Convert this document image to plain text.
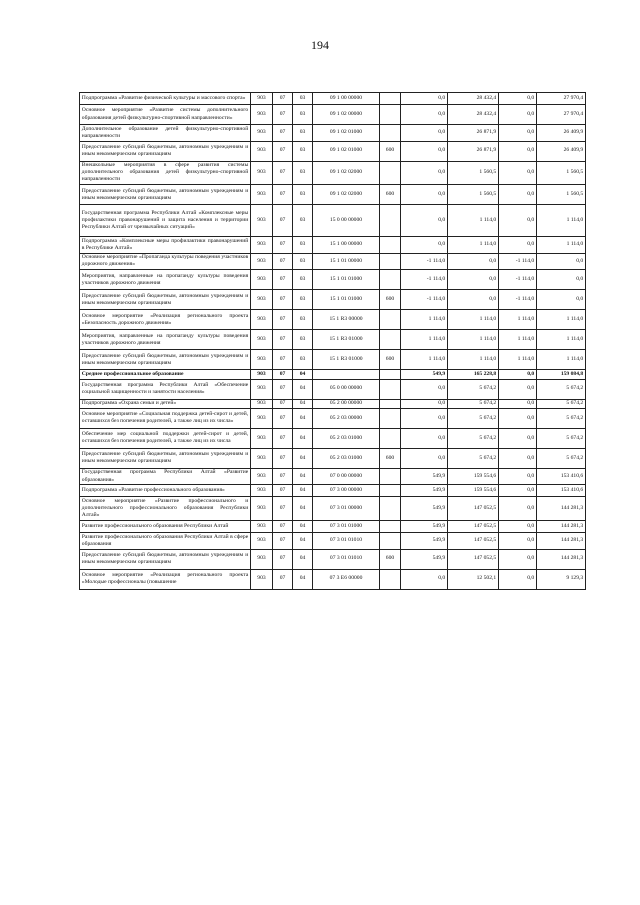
194
Подпрограмма «Развитие физической культуры и массового спорта»	903	07	03	09 1 00 00000		0,0	28 432,4	0,0	27 970,4
Основное мероприятие «Развитие системы дополнительного образования детей физкультурно-спортивной направленности»	903	07	03	09 1 02 00000		0,0	28 432,4	0,0	27 970,4
Дополнительное образование детей физкультурно-спортивной направленности	903	07	03	09 1 02 01000		0,0	26 871,9	0,0	26 409,9
Предоставление субсидий бюджетным, автономным учреждениям и иным некоммерческим организациям	903	07	03	09 1 02 01000	600	0,0	26 871,9	0,0	26 409,9
Внешкольные мероприятия в сфере развития системы дополнительного образования детей физкультурно-спортивной направленности	903	07	03	09 1 02 02000		0,0	1 560,5	0,0	1 560,5
Предоставление субсидий бюджетным, автономным учреждениям и иным некоммерческим организациям	903	07	03	09 1 02 02000	600	0,0	1 560,5	0,0	1 560,5
Государственная программа Республики Алтай «Комплексные меры профилактики правонарушений и защита населения и территории Республики Алтай от чрезвычайных ситуаций»	903	07	03	15 0 00 00000		0,0	1 114,0	0,0	1 114,0
Подпрограмма «Комплексные меры профилактики правонарушений в Республике Алтай»	903	07	03	15 1 00 00000		0,0	1 114,0	0,0	1 114,0
Основное мероприятие «Пропаганда культуры поведения участников дорожного движения»	903	07	03	15 1 01 00000		-1 114,0	0,0	-1 114,0	0,0
Мероприятия, направленные на пропаганду культуры поведения участников дорожного движения	903	07	03	15 1 01 01000		-1 114,0	0,0	-1 114,0	0,0
Предоставление субсидий бюджетным, автономным учреждениям и иным некоммерческим организациям	903	07	03	15 1 01 01000	600	-1 114,0	0,0	-1 114,0	0,0
Основное мероприятие «Реализация регионального проекта «Безопасность дорожного движения»	903	07	03	15 1 R3 00000		1 114,0	1 114,0	1 114,0	1 114,0
Мероприятия, направленные на пропаганду культуры поведения участников дорожного движения	903	07	03	15 1 R3 01000		1 114,0	1 114,0	1 114,0	1 114,0
Предоставление субсидий бюджетным, автономным учреждениям и иным некоммерческим организациям	903	07	03	15 1 R3 01000	600	1 114,0	1 114,0	1 114,0	1 114,0
Среднее профессиональное образование	903	07	04			549,9	165 228,8	0,0	159 084,8
Государственная программа Республики Алтай «Обеспечение социальной защищенности и занятости населения»	903	07	04	05 0 00 00000		0,0	5 674,2	0,0	5 674,2
Подпрограмма «Охрана семьи и детей»	903	07	04	05 2 00 00000		0,0	5 674,2	0,0	5 674,2
Основное мероприятие «Социальная поддержка детей-сирот и детей, оставшихся без попечения родителей, а также лиц из их числа»	903	07	04	05 2 03 00000		0,0	5 674,2	0,0	5 674,2
Обеспечение мер социальной поддержки детей-сирот и детей, оставшихся без попечения родителей, а также лиц из их числа	903	07	04	05 2 03 01000		0,0	5 674,2	0,0	5 674,2
Предоставление субсидий бюджетным, автономным учреждениям и иным некоммерческим организациям	903	07	04	05 2 03 01000	600	0,0	5 674,2	0,0	5 674,2
Государственная программа Республики Алтай «Развитие образования»	903	07	04	07 0 00 00000		549,9	159 554,6	0,0	153 410,6
Подпрограмма «Развитие профессионального образования»	903	07	04	07 3 00 00000		549,9	159 554,6	0,0	153 410,6
Основное мероприятие «Развитие профессионального и дополнительного профессионального образования Республики Алтай»	903	07	04	07 3 01 00000		549,9	147 052,5	0,0	144 281,3
Развитие профессионального образования Республики Алтай	903	07	04	07 3 01 01000		549,9	147 052,5	0,0	144 281,3
Развитие профессионального образования Республики Алтай в сфере образования	903	07	04	07 3 01 01010		549,9	147 052,5	0,0	144 281,3
Предоставление субсидий бюджетным, автономным учреждениям и иным некоммерческим организациям	903	07	04	07 3 01 01010	600	549,9	147 052,5	0,0	144 281,3
Основное мероприятие «Реализация регионального проекта «Молодые профессионалы (повышение	903	07	04	07 3 E6 00000		0,0	12 502,1	0,0	9 129,3
